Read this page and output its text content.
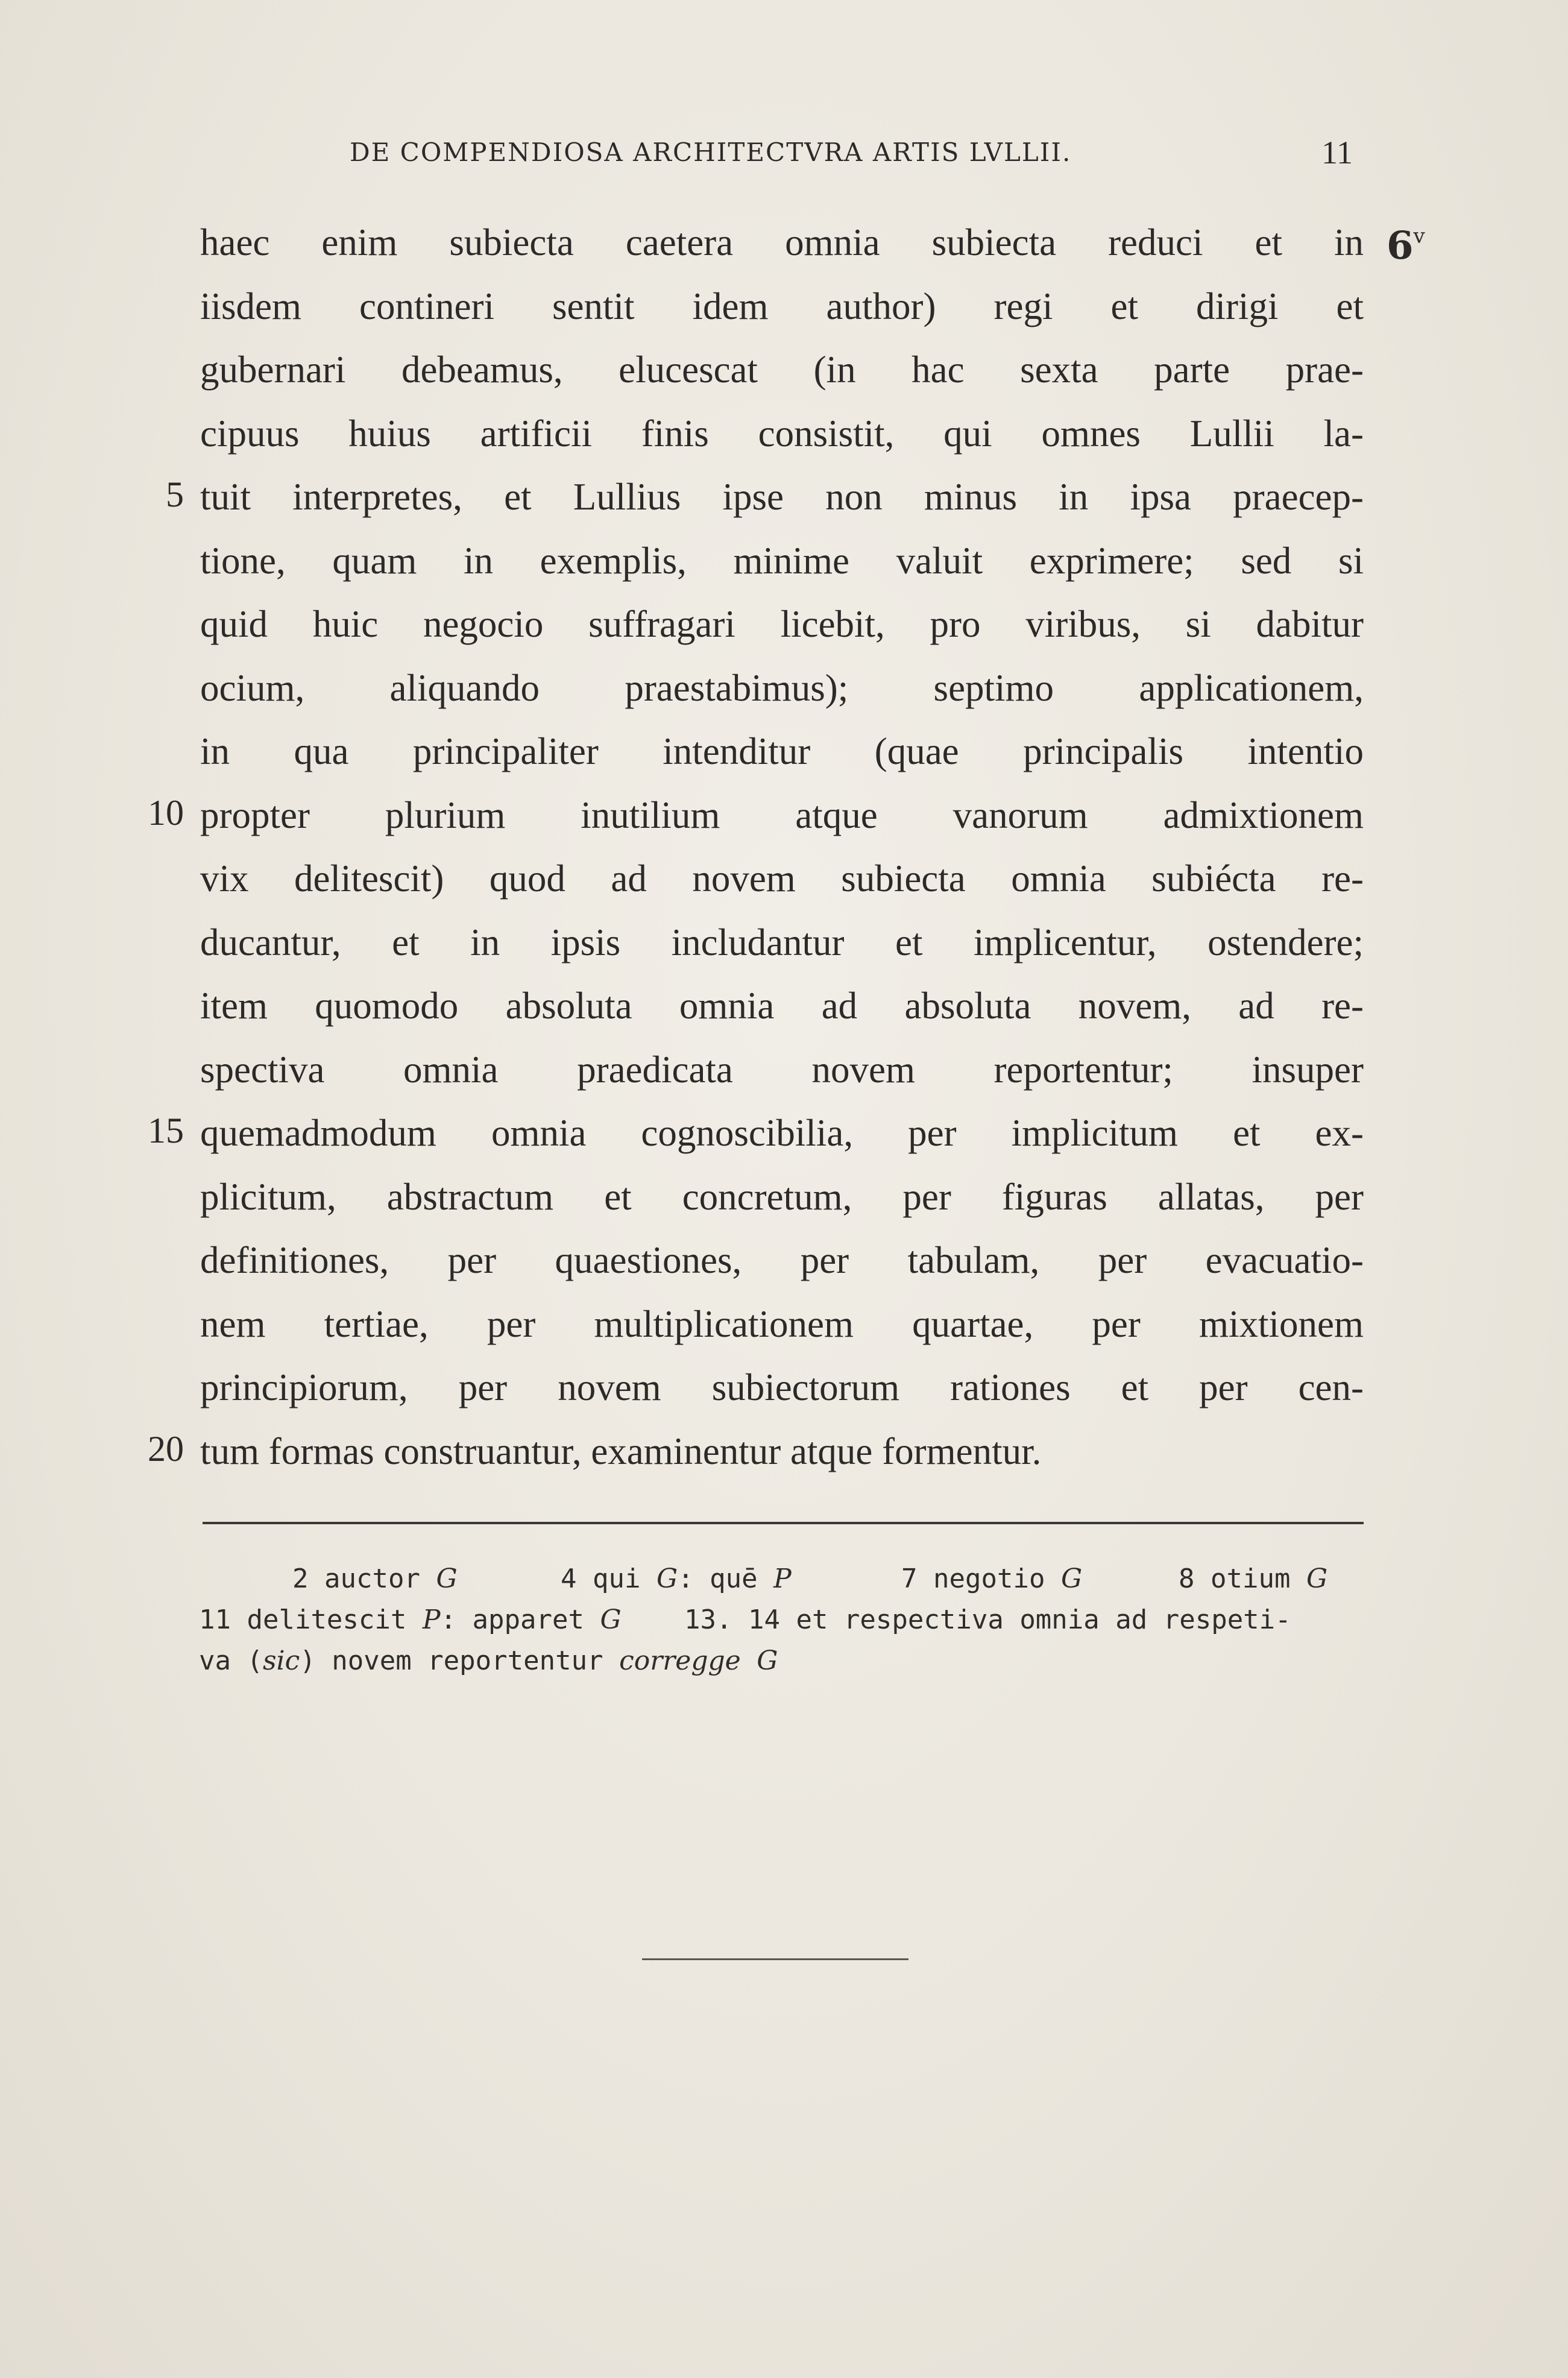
DE COMPENDIOSA ARCHITECTVRA ARTIS LVLLII.	11
6$^v$
haec enim subiecta caetera omnia subiecta reduci et in
iisdem contineri sentit idem author) regi et dirigi et
gubernari debeamus, elucescat (in hac sexta parte prae-
cipuus huius artificii finis consistit, qui omnes Lullii la-
5 tuit interpretes, et Lullius ipse non minus in ipsa praecep-
tione, quam in exemplis, minime valuit exprimere; sed si
quid huic negocio suffragari licebit, pro viribus, si dabitur
ocium, aliquando praestabimus); septimo applicationem,
in qua principaliter intenditur (quae principalis intentio
10 propter plurium inutilium atque vanorum admixtionem
vix delitescit) quod ad novem subiecta omnia subiécta re-
ducantur, et in ipsis includantur et implicentur, ostendere;
item quomodo absoluta omnia ad absoluta novem, ad re-
spectiva omnia praedicata novem reportentur; insuper
15 quemadmodum omnia cognoscibilia, per implicitum et ex-
plicitum, abstractum et concretum, per figuras allatas, per
definitiones, per quaestiones, per tabulam, per evacuatio-
nem tertiae, per multiplicationem quartae, per mixtionem
principiorum, per novem subiectorum rationes et per cen-
20 tum formas construantur, examinentur atque formentur.
2 auctor G	4 qui G: quē P	7 negotio G	8 otium G
11 delitescit P: apparet G 13. 14 et respectiva omnia ad respeti-
va (sic) novem reportentur corregge G
